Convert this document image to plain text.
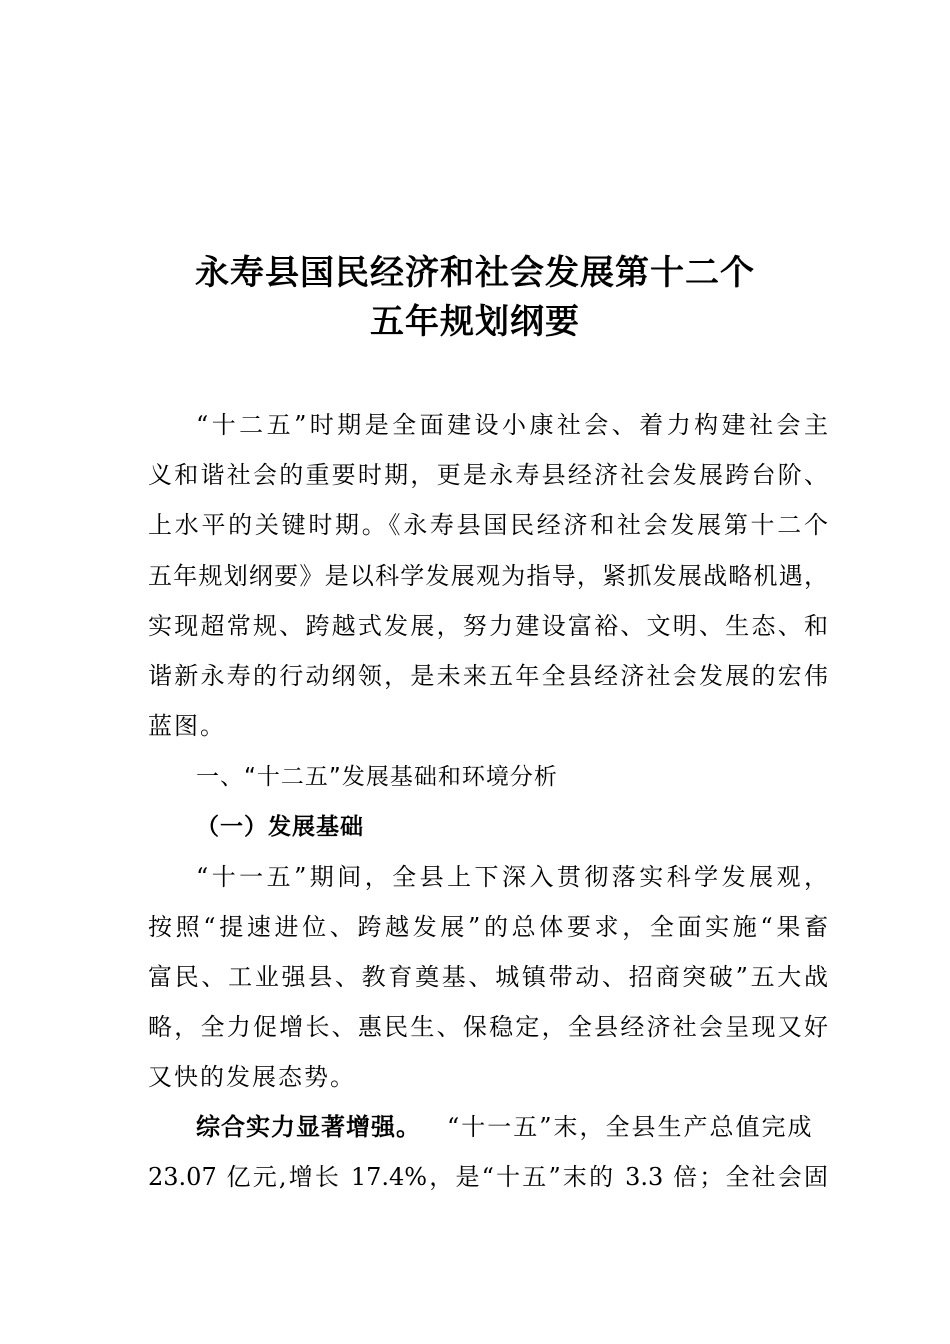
永寿县国民经济和社会发展第十二个
五年规划纲要
“十二五”时期是全面建设小康社会、着力构建社会主
义和谐社会的重要时期，更是永寿县经济社会发展跨台阶、
上水平的关键时期。《永寿县国民经济和社会发展第十二个
五年规划纲要》是以科学发展观为指导，紧抓发展战略机遇，
实现超常规、跨越式发展，努力建设富裕、文明、生态、和
谐新永寿的行动纲领，是未来五年全县经济社会发展的宏伟
蓝图。
一、“十二五”发展基础和环境分析
（一）发展基础
“十一五”期间，全县上下深入贯彻落实科学发展观，
按照“提速进位、跨越发展”的总体要求，全面实施“果畜
富民、工业强县、教育奠基、城镇带动、招商突破”五大战
略，全力促增长、惠民生、保稳定，全县经济社会呈现又好
又快的发展态势。
综合实力显著增强。 “十一五”末，全县生产总值完成
23.07 亿元,增长 17.4%，是“十五”末的 3.3 倍；全社会固
